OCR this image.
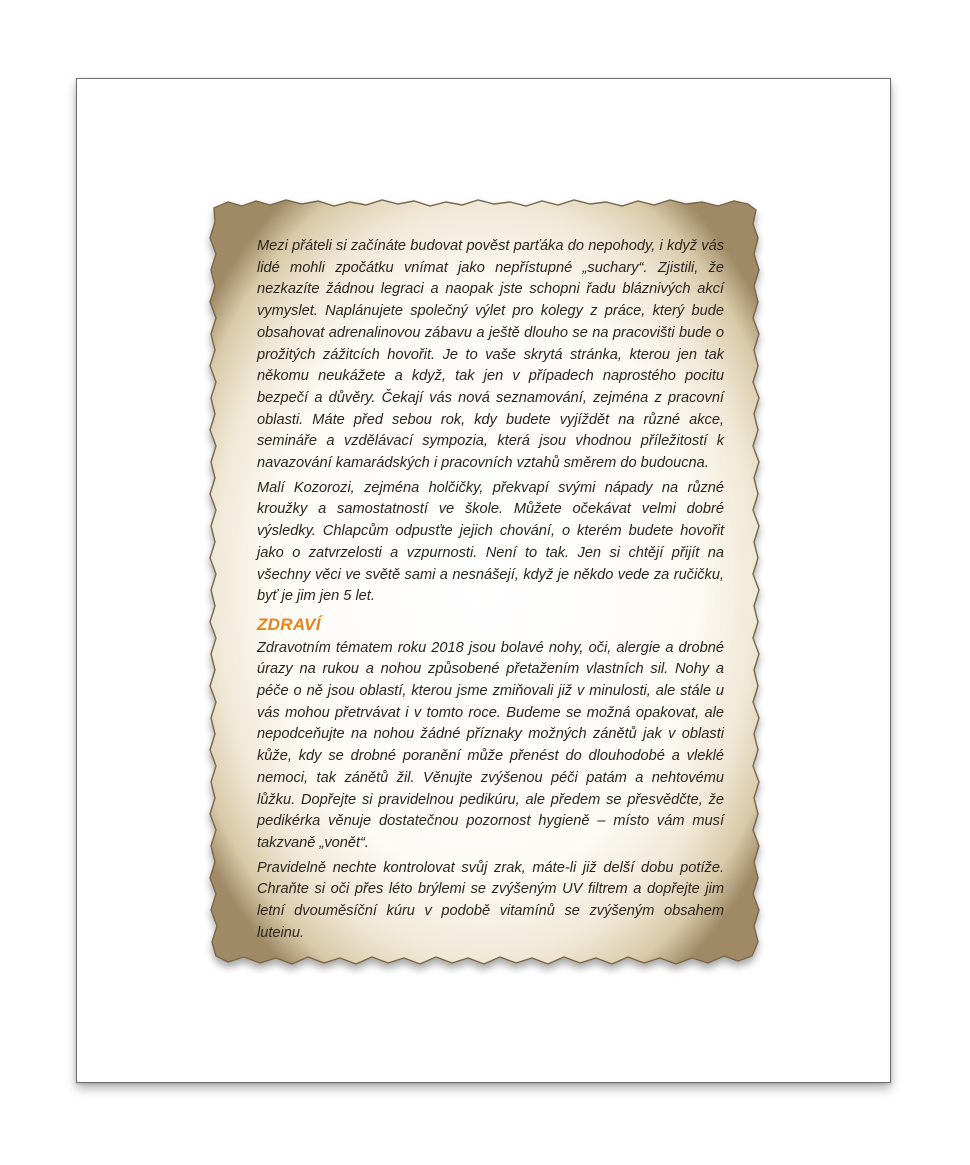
Mezi přáteli si začínáte budovat pověst parťáka do nepohody, i když vás lidé mohli zpočátku vnímat jako nepřístupné „suchary“. Zjistili, že nezkazíte žádnou legraci a naopak jste schopni řadu bláznivých akcí vymyslet. Naplánujete společný výlet pro kolegy z práce, který bude obsahovat adrenalinovou zábavu a ještě dlouho se na pracovišti bude o prožitých zážitcích hovořit. Je to vaše skrytá stránka, kterou jen tak někomu neukážete a když, tak jen v případech naprostého pocitu bezpečí a důvěry. Čekají vás nová seznamování, zejména z pracovní oblasti. Máte před sebou rok, kdy budete vyjíždět na různé akce, semináře a vzdělávací sympozia, která jsou vhodnou příležitostí k navazování kamarádských i pracovních vztahů směrem do budoucna.

Malí Kozorozi, zejména holčičky, překvapí svými nápady na různé kroužky a samostatností ve škole. Můžete očekávat velmi dobré výsledky. Chlapcům odpusťte jejich chování, o kterém budete hovořit jako o zatvrzelosti a vzpurnosti. Není to tak. Jen si chtějí přijít na všechny věci ve světě sami a nesnášejí, když je někdo vede za ručičku, byť je jim jen 5 let.

ZDRAVÍ

Zdravotním tématem roku 2018 jsou bolavé nohy, oči, alergie a drobné úrazy na rukou a nohou způsobené přetažením vlastních sil. Nohy a péče o ně jsou oblastí, kterou jsme zmiňovali již v minulosti, ale stále u vás mohou přetrvávat i v tomto roce. Budeme se možná opakovat, ale nepodceňujte na nohou žádné příznaky možných zánětů jak v oblasti kůže, kdy se drobné poranění může přenést do dlouhodobé a vleklé nemoci, tak zánětů žil. Věnujte zvýšenou péči patám a nehtovému lůžku. Dopřejte si pravidelnou pedikúru, ale předem se přesvědčte, že pedikérka věnuje dostatečnou pozornost hygieně – místo vám musí takzvaně „vonět“.

Pravidelně nechte kontrolovat svůj zrak, máte-li již delší dobu potíže. Chraňte si oči přes léto brýlemi se zvýšeným UV filtrem a dopřejte jim letní dvouměsíční kúru v podobě vitamínů se zvýšeným obsahem luteinu.
